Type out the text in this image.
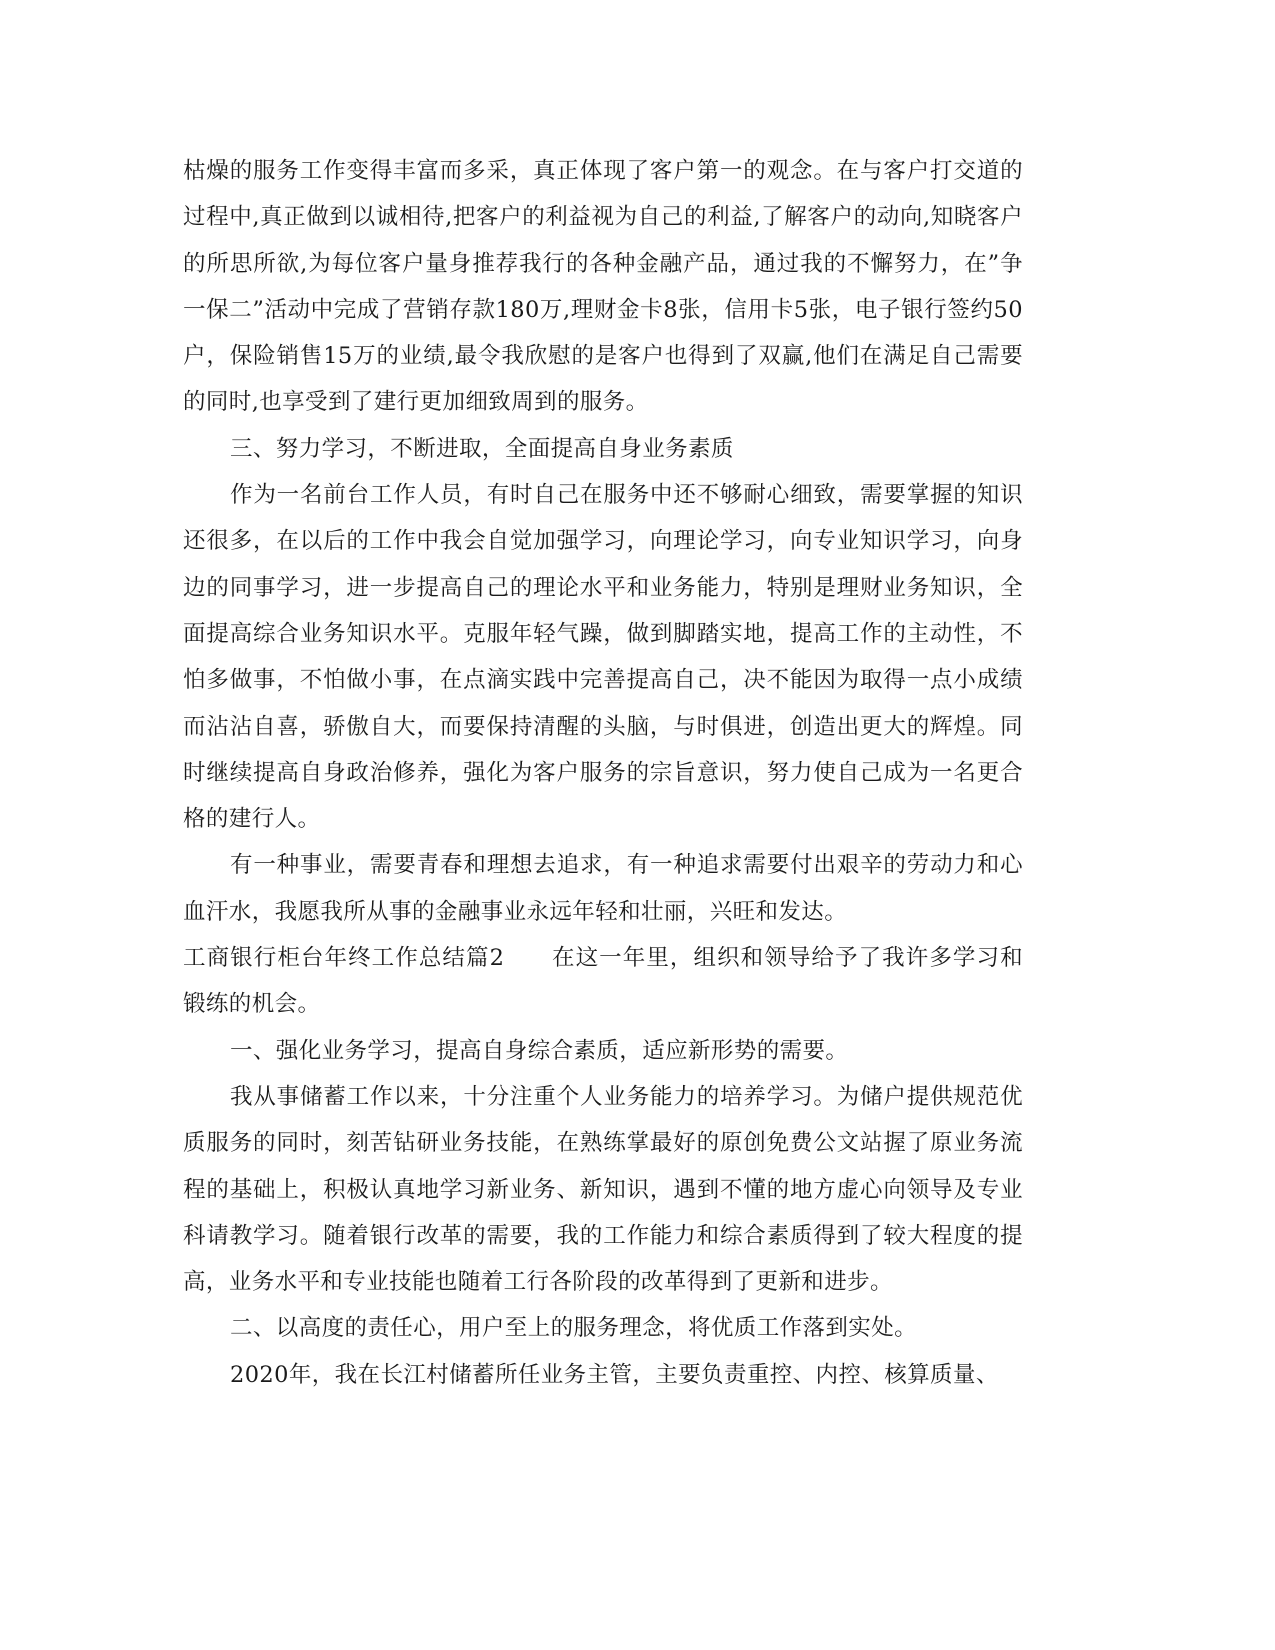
枯燥的服务工作变得丰富而多采，真正体现了客户第一的观念。在与客户打交道的过程中,真正做到以诚相待,把客户的利益视为自己的利益,了解客户的动向,知晓客户的所思所欲,为每位客户量身推荐我行的各种金融产品，通过我的不懈努力，在”争一保二”活动中完成了营销存款180万,理财金卡8张，信用卡5张，电子银行签约50户，保险销售15万的业绩,最令我欣慰的是客户也得到了双赢,他们在满足自己需要的同时,也享受到了建行更加细致周到的服务。

三、努力学习，不断进取，全面提高自身业务素质

作为一名前台工作人员，有时自己在服务中还不够耐心细致，需要掌握的知识还很多，在以后的工作中我会自觉加强学习，向理论学习，向专业知识学习，向身边的同事学习，进一步提高自己的理论水平和业务能力，特别是理财业务知识，全面提高综合业务知识水平。克服年轻气躁，做到脚踏实地，提高工作的主动性，不怕多做事，不怕做小事，在点滴实践中完善提高自己，决不能因为取得一点小成绩而沾沾自喜，骄傲自大，而要保持清醒的头脑，与时俱进，创造出更大的辉煌。同时继续提高自身政治修养，强化为客户服务的宗旨意识，努力使自己成为一名更合格的建行人。

有一种事业，需要青春和理想去追求，有一种追求需要付出艰辛的劳动力和心血汗水，我愿我所从事的金融事业永远年轻和壮丽，兴旺和发达。

工商银行柜台年终工作总结篇2 在这一年里，组织和领导给予了我许多学习和锻练的机会。

一、强化业务学习，提高自身综合素质，适应新形势的需要。

我从事储蓄工作以来，十分注重个人业务能力的培养学习。为储户提供规范优质服务的同时，刻苦钻研业务技能，在熟练掌最好的原创免费公文站握了原业务流程的基础上，积极认真地学习新业务、新知识，遇到不懂的地方虚心向领导及专业科请教学习。随着银行改革的需要，我的工作能力和综合素质得到了较大程度的提高，业务水平和专业技能也随着工行各阶段的改革得到了更新和进步。

二、以高度的责任心，用户至上的服务理念，将优质工作落到实处。

2020年，我在长江村储蓄所任业务主管，主要负责重控、内控、核算质量、
